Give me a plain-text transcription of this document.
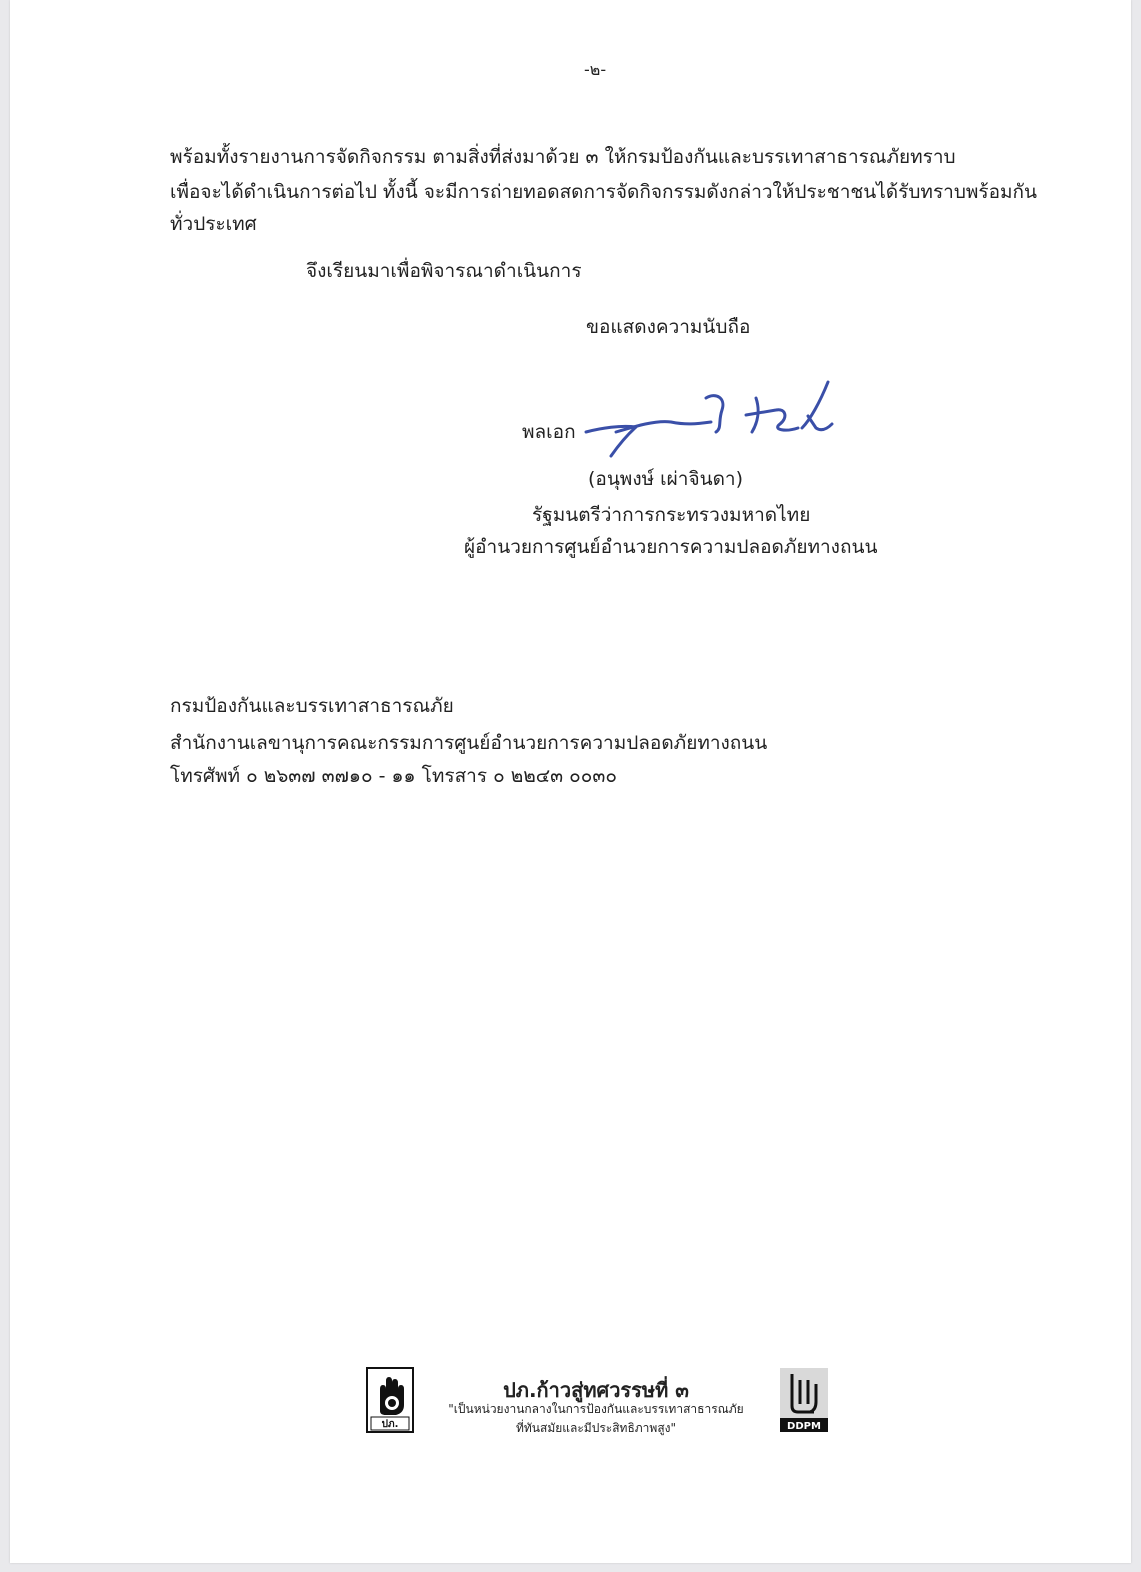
-๒-
พร้อมทั้งรายงานการจัดกิจกรรม ตามสิ่งที่ส่งมาด้วย ๓ ให้กรมป้องกันและบรรเทาสาธารณภัยทราบ
เพื่อจะได้ดำเนินการต่อไป ทั้งนี้ จะมีการถ่ายทอดสดการจัดกิจกรรมดังกล่าวให้ประชาชนได้รับทราบพร้อมกัน
ทั่วประเทศ
จึงเรียนมาเพื่อพิจารณาดำเนินการ
ขอแสดงความนับถือ
พลเอก
(อนุพงษ์ เผ่าจินดา)
รัฐมนตรีว่าการกระทรวงมหาดไทย
ผู้อำนวยการศูนย์อำนวยการความปลอดภัยทางถนน
กรมป้องกันและบรรเทาสาธารณภัย
สำนักงานเลขานุการคณะกรรมการศูนย์อำนวยการความปลอดภัยทางถนน
โทรศัพท์ ๐ ๒๖๓๗ ๓๗๑๐ - ๑๑ โทรสาร ๐ ๒๒๔๓ ๐๐๓๐
ปภ.
ปภ.ก้าวสู่ทศวรรษที่ ๓
"เป็นหน่วยงานกลางในการป้องกันและบรรเทาสาธารณภัย
ที่ทันสมัยและมีประสิทธิภาพสูง"	DDPM
